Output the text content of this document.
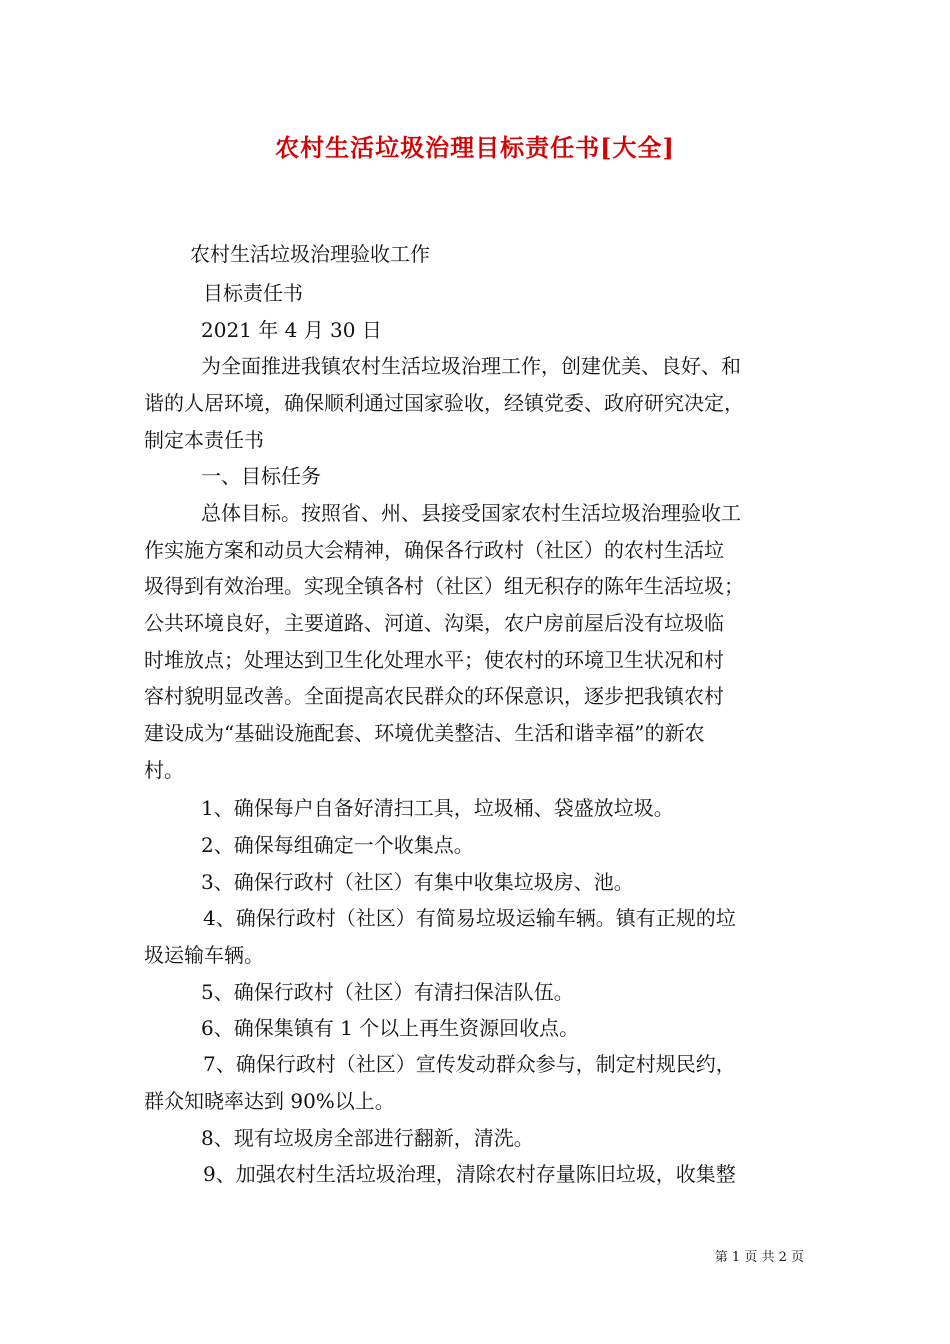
农村生活垃圾治理目标责任书[大全]

农村生活垃圾治理验收工作

目标责任书

2021 年 4 月 30 日

为全面推进我镇农村生活垃圾治理工作，创建优美、良好、和

谐的人居环境，确保顺利通过国家验收，经镇党委、政府研究决定，

制定本责任书

一、目标任务

总体目标。按照省、州、县接受国家农村生活垃圾治理验收工

作实施方案和动员大会精神，确保各行政村（社区）的农村生活垃

圾得到有效治理。实现全镇各村（社区）组无积存的陈年生活垃圾；

公共环境良好，主要道路、河道、沟渠，农户房前屋后没有垃圾临

时堆放点；处理达到卫生化处理水平；使农村的环境卫生状况和村

容村貌明显改善。全面提高农民群众的环保意识，逐步把我镇农村

建设成为“基础设施配套、环境优美整洁、生活和谐幸福”的新农

村。

1、确保每户自备好清扫工具，垃圾桶、袋盛放垃圾。

2、确保每组确定一个收集点。

3、确保行政村（社区）有集中收集垃圾房、池。

4、确保行政村（社区）有简易垃圾运输车辆。镇有正规的垃

圾运输车辆。

5、确保行政村（社区）有清扫保洁队伍。

6、确保集镇有 1 个以上再生资源回收点。

7、确保行政村（社区）宣传发动群众参与，制定村规民约，

群众知晓率达到 90%以上。

8、现有垃圾房全部进行翻新，清洗。

9、加强农村生活垃圾治理，清除农村存量陈旧垃圾，收集整

第 1 页 共 2 页
